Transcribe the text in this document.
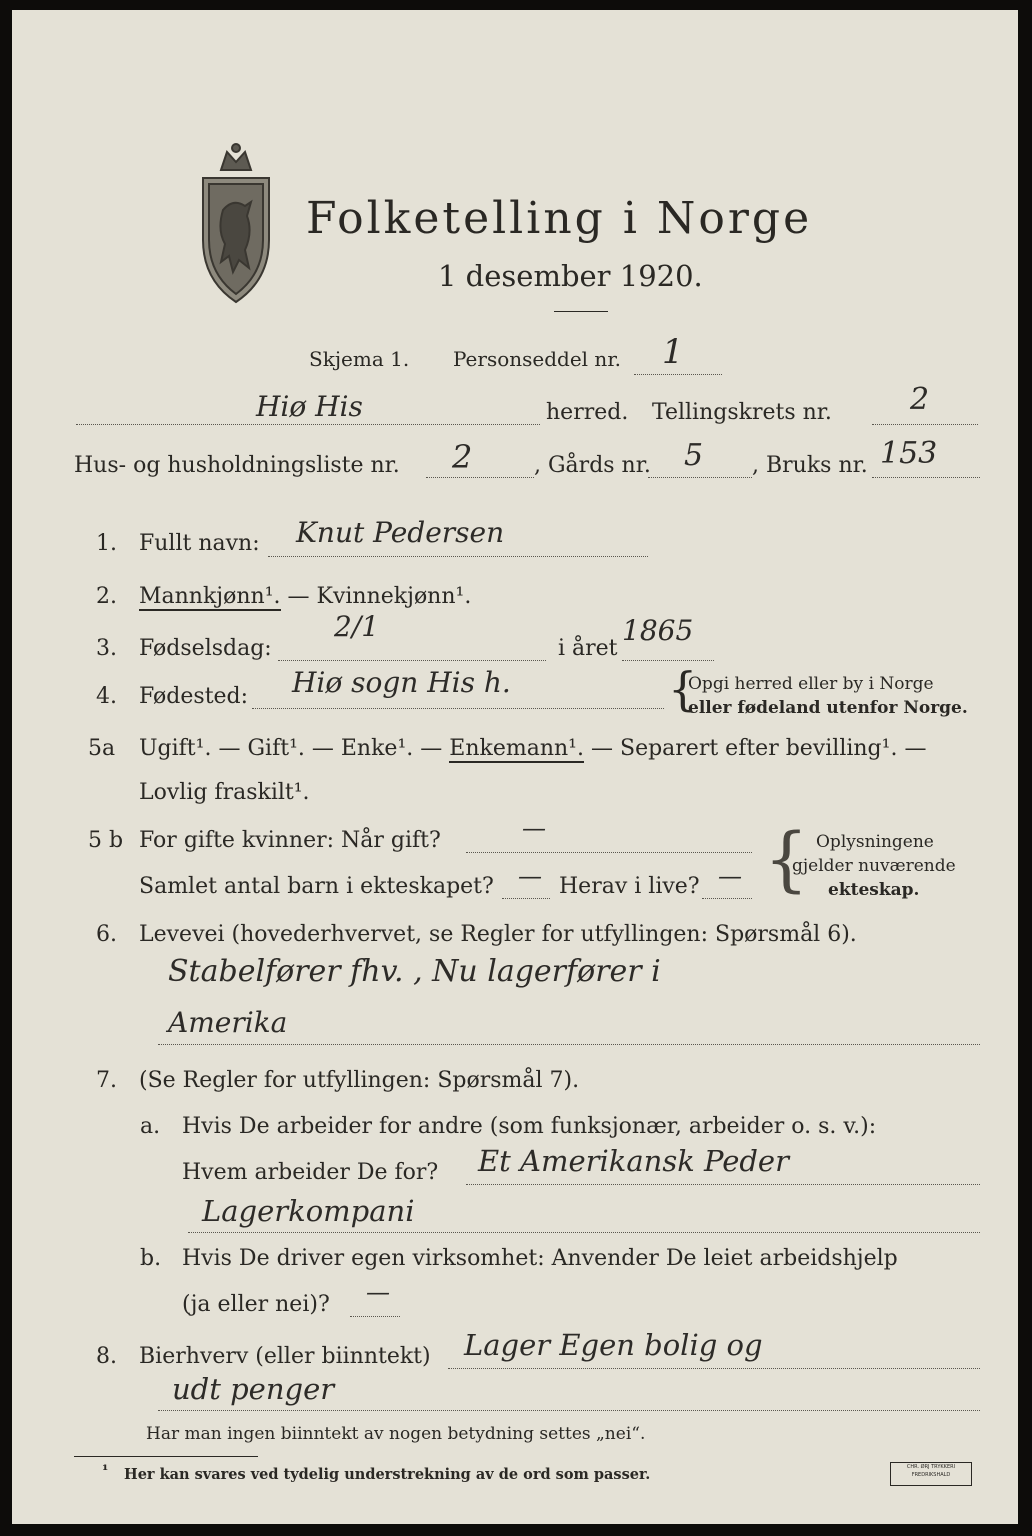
Folketelling i Norge
1 desember 1920.
Skjema 1. Personseddel nr. 1
Hiø His	herred. Tellingskrets nr.	2
Hus- og husholdningsliste nr. 2	, Gårds nr. 5 , Bruks nr. 153
1. Fullt navn: Knut Pedersen
2. Mannkjønn¹. — Kvinnekjønn¹.
3. Fødselsdag:
2/1
i året
1865
4. Fødested: Hiø sogn His h.	{
Opgi herred eller by i Norge
eller fødeland utenfor Norge.
5a Ugift¹. — Gift¹. — Enke¹. — Enkemann¹. — Separert efter bevilling¹. —
Lovlig fraskilt¹.
5 b For gifte kvinner: Når gift?	—
Samlet antal barn i ekteskapet? — Herav i live? — { Oplysningene
gjelder nuværende
ekteskap.
6. Levevei (hovederhvervet, se Regler for utfyllingen: Spørsmål 6).
Stabelfører fhv. , Nu lagerfører i
Amerika
7. (Se Regler for utfyllingen: Spørsmål 7).
a. Hvis De arbeider for andre (som funksjonær, arbeider o. s. v.):
Hvem arbeider De for? Et Amerikansk Peder
Lagerkompani
b. Hvis De driver egen virksomhet: Anvender De leiet arbeidshjelp
(ja eller nei)? —
8. Bierhverv (eller biinntekt) Lager Egen bolig og
udt penger
Har man ingen biinntekt av nogen betydning settes „nei“.
¹ Her kan svares ved tydelig understrekning av de ord som passer.	CHR. ØRJ TRYKKERI
FREDRIKSHALD
